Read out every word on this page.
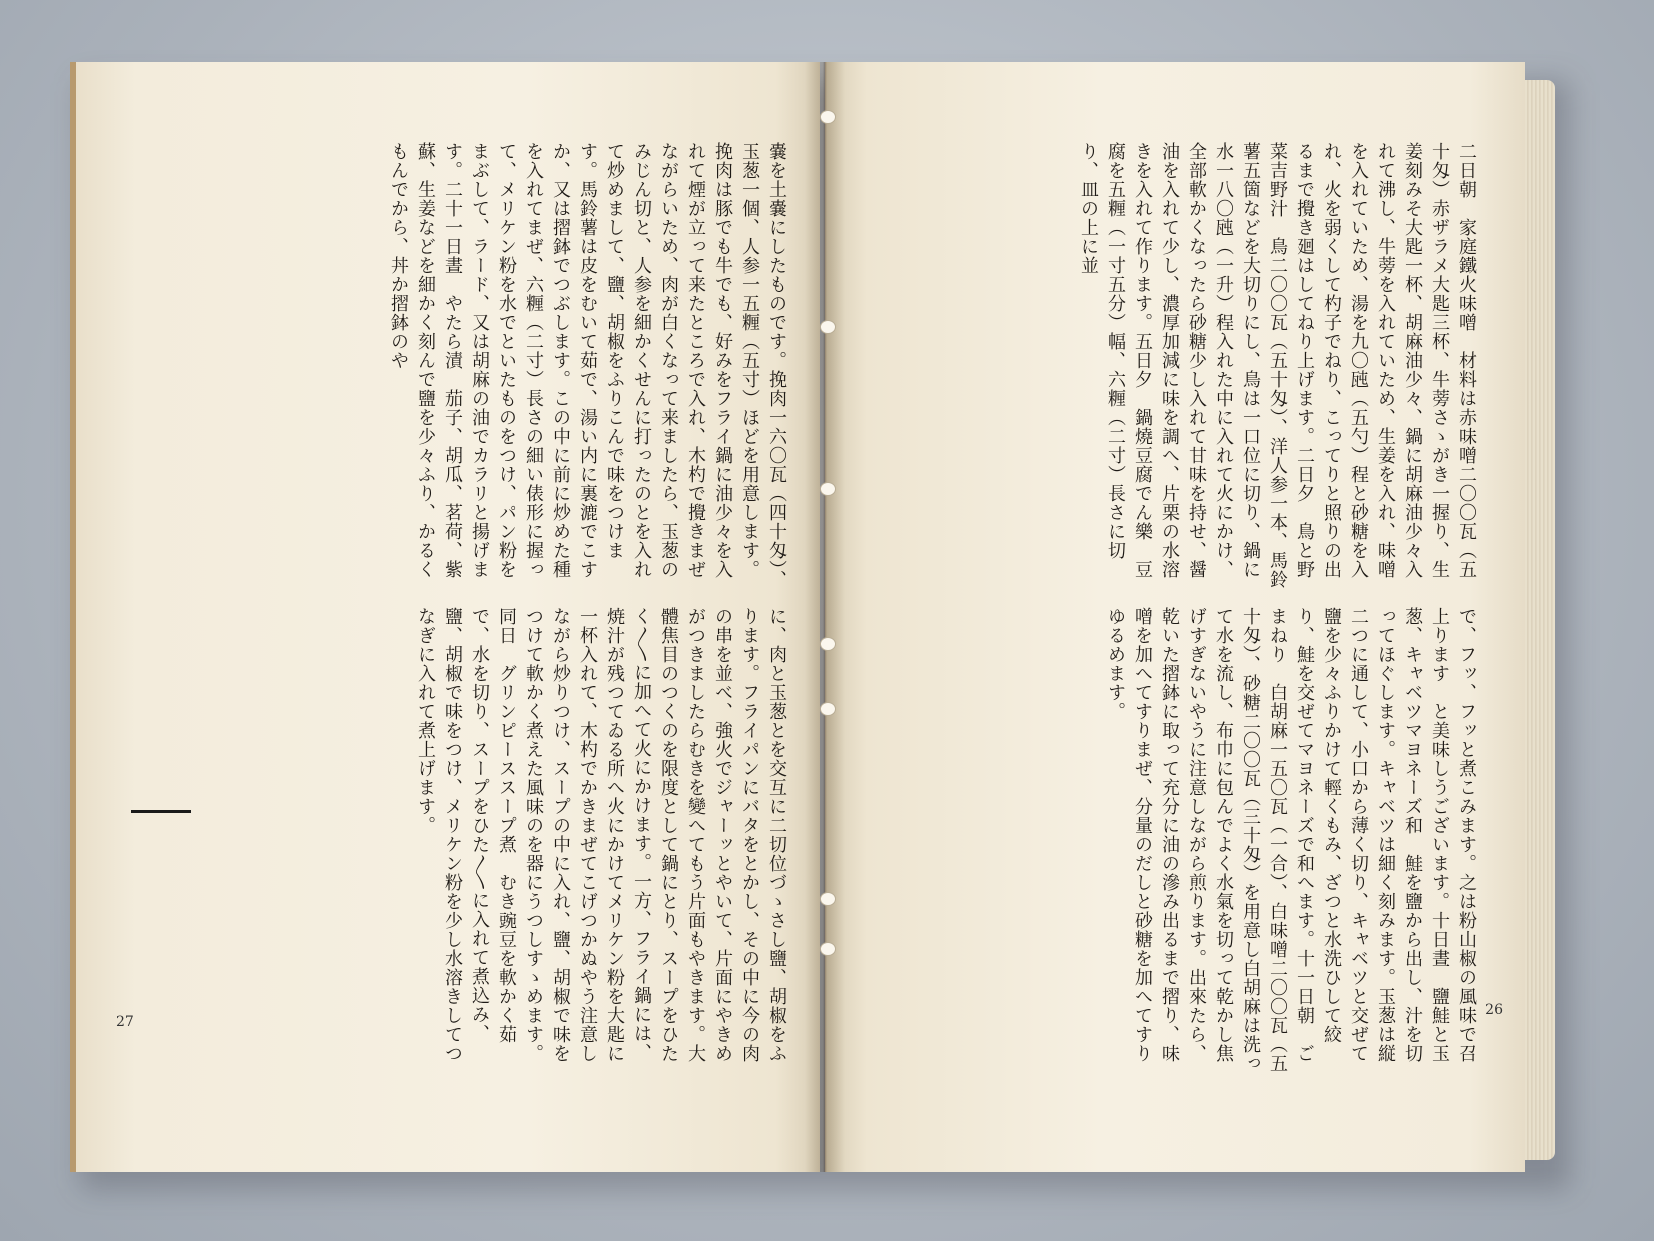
嚢を土嚢にしたものです。挽肉一六〇瓦（四十匁）、玉葱一個、人参一五糎（五寸）ほどを用意します。挽肉は豚でも牛でも、好みをフライ鍋に油少々を入れて煙が立って来たところで入れ、木杓で攪きまぜながらいため、肉が白くなって来ましたら、玉葱のみじん切と、人参を細かくせんに打ったのとを入れて炒めまして、鹽、胡椒をふりこんで味をつけます。馬鈴薯は皮をむいて茹で、湯い内に裏漉でこすか、又は摺鉢でつぶします。この中に前に炒めた種を入れてまぜ、六糎（二寸）長さの細い俵形に握って、メリケン粉を水でといたものをつけ、パン粉をまぶして、ラード、又は胡麻の油でカラリと揚げます。二十一日晝　やたら漬　茄子、胡瓜、茗荷、紫蘇、生姜などを細かく刻んで鹽を少々ふり、かるくもんでから、丼か摺鉢のや
に、肉と玉葱とを交互に二切位づゝさし鹽、胡椒をふります。フライパンにバタをとかし、その中に今の肉の串を並べ、強火でジャーッとやいて、片面にやきめがつきましたらむきを變へてもう片面もやきます。大體焦目のつくのを限度として鍋にとり、スープをひたく〳〵に加へて火にかけます。一方、フライ鍋には、焼汁が残つてゐる所へ火にかけてメリケン粉を大匙に一杯入れて、木杓でかきまぜてこげつかぬやう注意しながら炒りつけ、スープの中に入れ、鹽、胡椒で味をつけて軟かく煮えた風味のを器にうつしすゝめます。同日　グリンピーススープ煮　むき豌豆を軟かく茹で、水を切り、スープをひた〳〵に入れて煮込み、鹽、胡椒で味をつけ、メリケン粉を少し水溶きしてつなぎに入れて煮上げます。
27
二日朝　家庭鐵火味噌　材料は赤味噌二〇〇瓦（五十匁）赤ザラメ大匙三杯、牛蒡さゝがき一握り、生姜刻みそ大匙一杯、胡麻油少々、鍋に胡麻油少々入れて沸し、牛蒡を入れていため、生姜を入れ、味噌を入れていため、湯を九〇瓲（五勺）程と砂糖を入れ、火を弱くして杓子でねり、こってりと照りの出るまで攪き廻はしてねり上げます。二日夕　鳥と野菜吉野汁　鳥二〇〇瓦（五十匁）、洋人参一本、馬鈴薯五箇などを大切りにし、鳥は一口位に切り、鍋に水一八〇瓲（一升）程入れた中に入れて火にかけ、全部軟かくなったら砂糖少し入れて甘味を持せ、醤油を入れて少し、濃厚加減に味を調へ、片栗の水溶きを入れて作ります。五日夕　鍋燒豆腐でん樂　豆腐を五糎（一寸五分）幅、六糎（二寸）長さに切り、皿の上に並
で、フッ、フッと煮こみます。之は粉山椒の風味で召上ります　と美味しうございます。十日晝　鹽鮭と玉葱、キャベツマヨネーズ和　鮭を鹽から出し、汁を切ってほぐします。キャベツは細く刻みます。玉葱は縦二つに通して、小口から薄く切り、キャベツと交ぜて鹽を少々ふりかけて輕くもみ、ざつと水洗ひして絞り、鮭を交ぜてマヨネーズで和へます。十一日朝　ごまねり　白胡麻一五〇瓦（一合）、白味噌二〇〇瓦（五十匁）、砂糖二〇〇瓦（三十匁）を用意し白胡麻は洗って水を流し、布巾に包んでよく水氣を切って乾かし焦げすぎないやうに注意しながら煎ります。出來たら、乾いた摺鉢に取って充分に油の滲み出るまで摺り、味噌を加へてすりまぜ、分量のだしと砂糖を加へてすりゆるめます。
26
